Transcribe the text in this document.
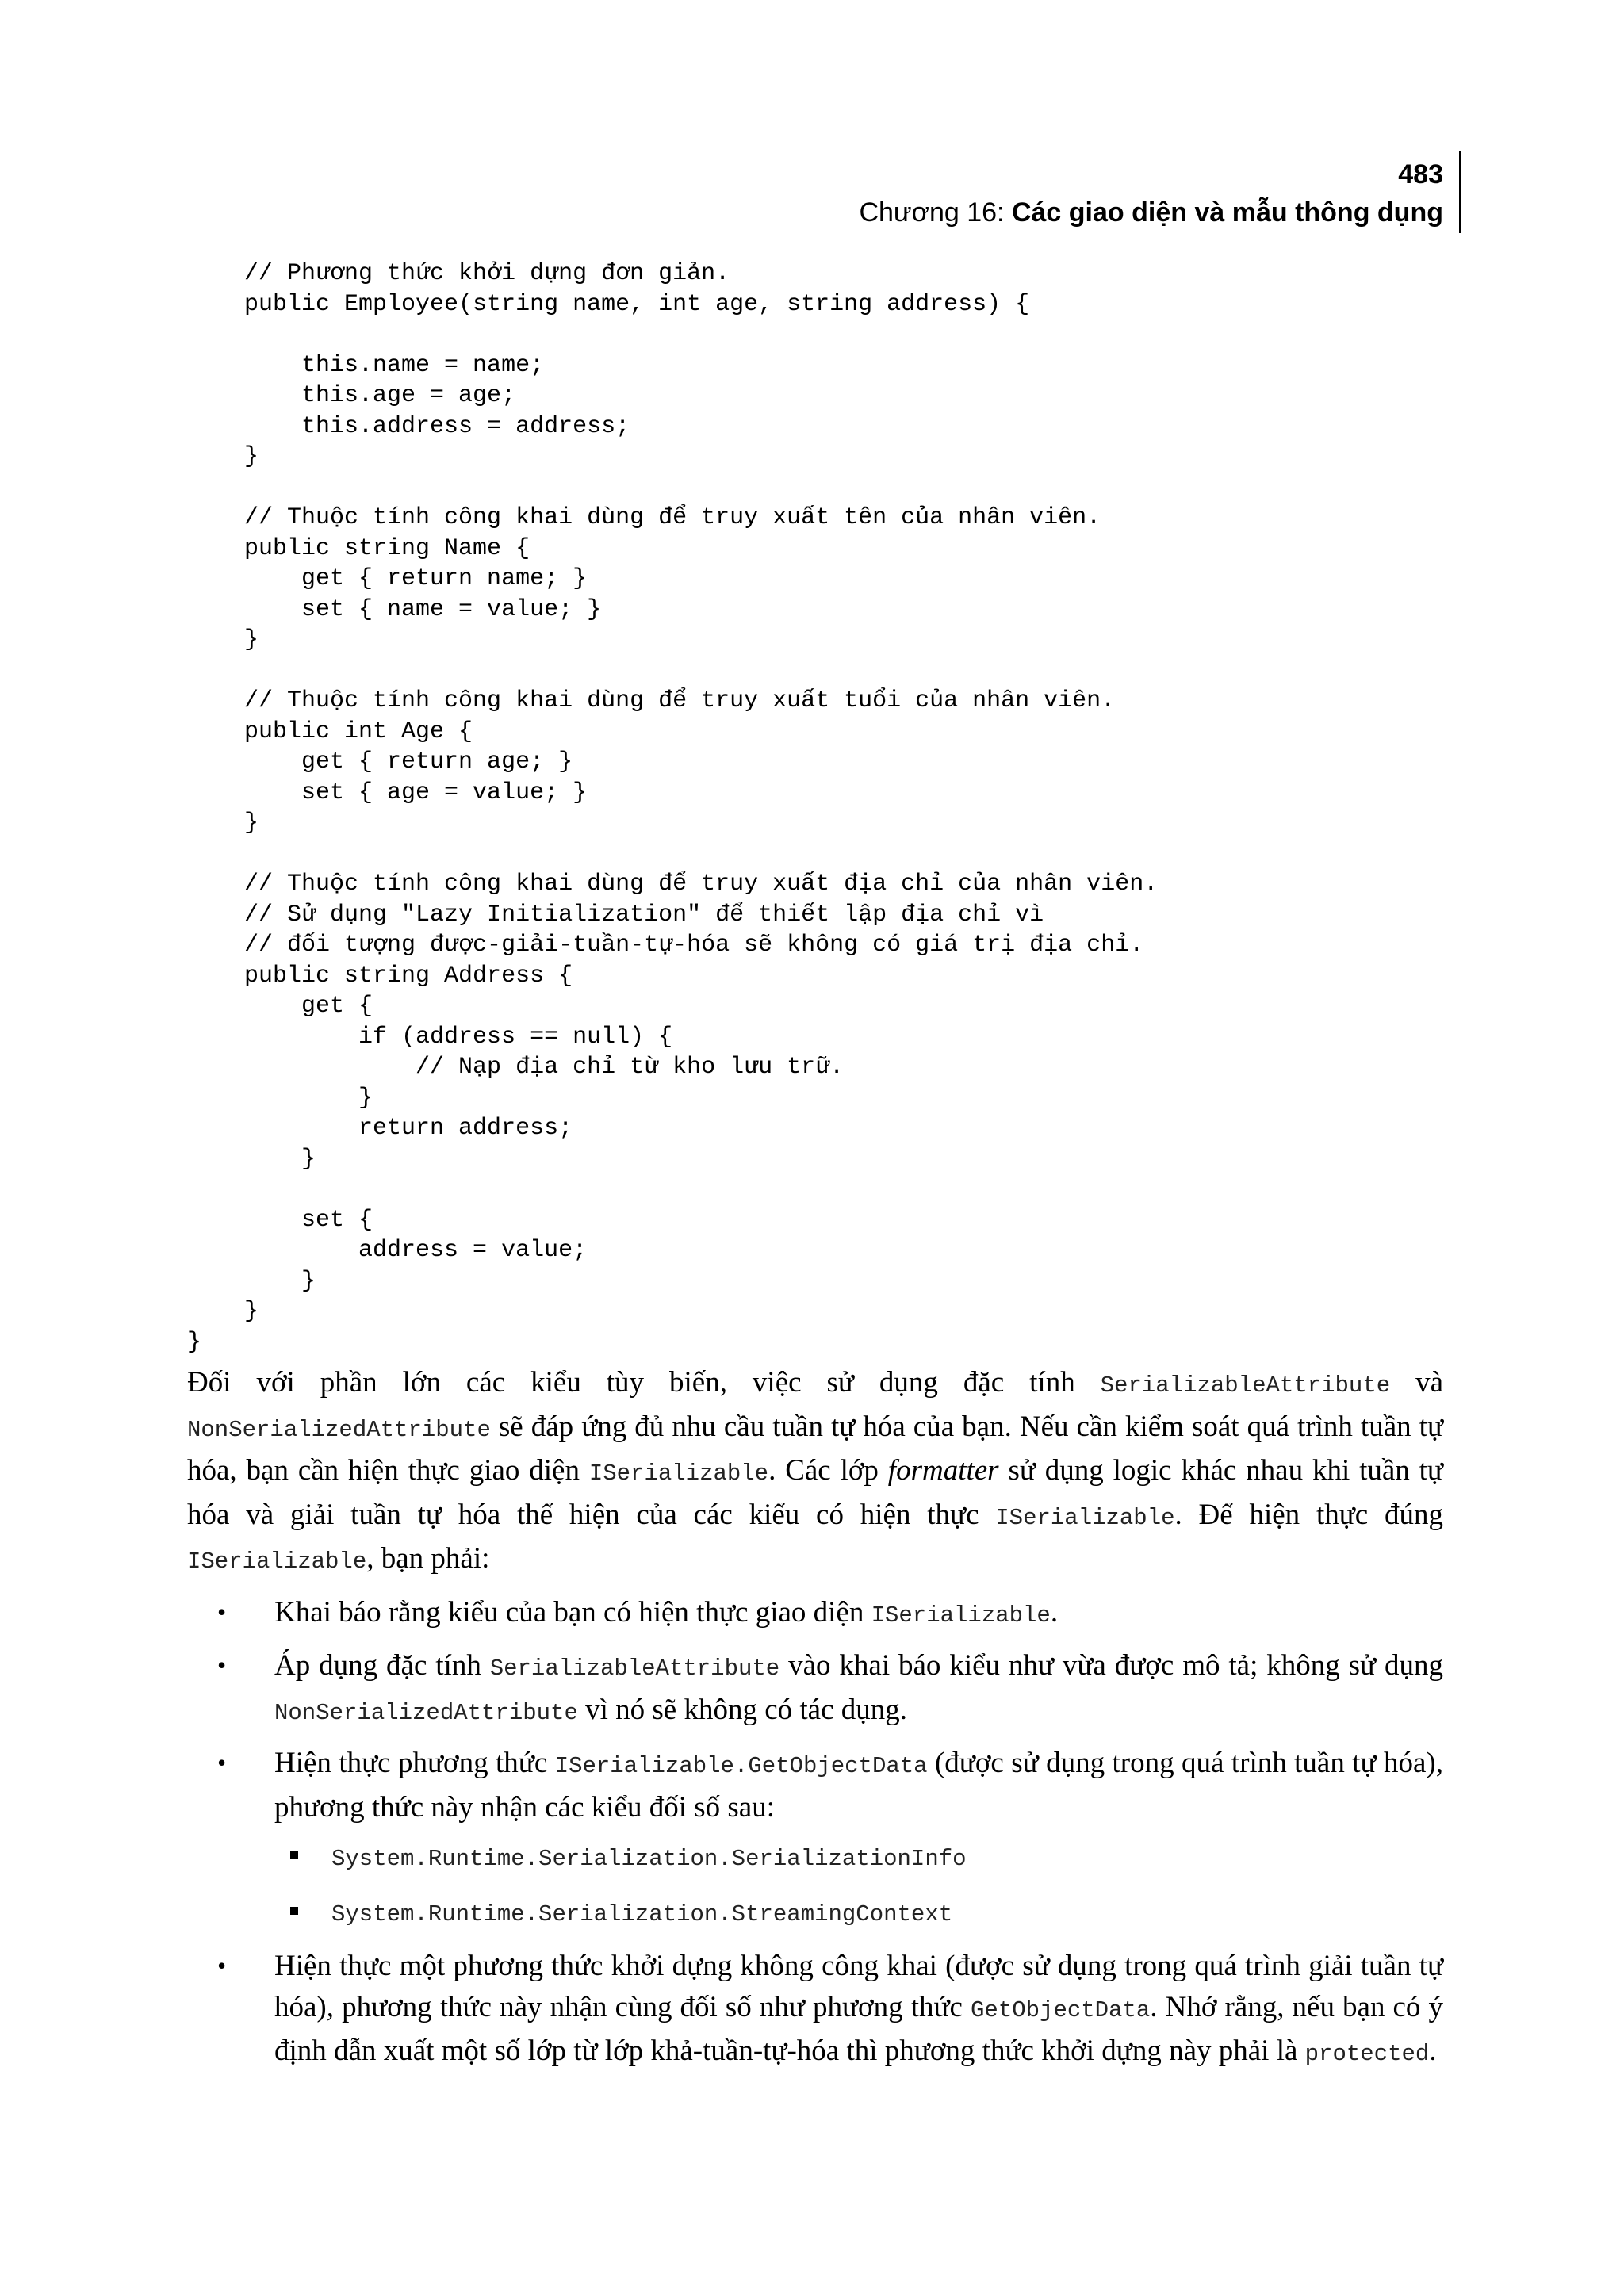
483
Chương 16: Các giao diện và mẫu thông dụng
// Phương thức khởi dựng đơn giản.
public Employee(string name, int age, string address) {

this.name = name;
this.age = age;
this.address = address;
}

// Thuộc tính công khai dùng để truy xuất tên của nhân viên.
public string Name {
get { return name; }
set { name = value; }
}

// Thuộc tính công khai dùng để truy xuất tuổi của nhân viên.
public int Age {
get { return age; }
set { age = value; }
}

// Thuộc tính công khai dùng để truy xuất địa chỉ của nhân viên.
// Sử dụng "Lazy Initialization" để thiết lập địa chỉ vì
// đối tượng được-giải-tuần-tự-hóa sẽ không có giá trị địa chỉ.
public string Address {
get {
if (address == null) {
// Nạp địa chỉ từ kho lưu trữ.
}
return address;
}

set {
address = value;
}
}
}

Đối với phần lớn các kiểu tùy biến, việc sử dụng đặc tính SerializableAttribute và NonSerializedAttribute sẽ đáp ứng đủ nhu cầu tuần tự hóa của bạn. Nếu cần kiểm soát quá trình tuần tự hóa, bạn cần hiện thực giao diện ISerializable. Các lớp formatter sử dụng logic khác nhau khi tuần tự hóa và giải tuần tự hóa thể hiện của các kiểu có hiện thực ISerializable. Để hiện thực đúng ISerializable, bạn phải:

• Khai báo rằng kiểu của bạn có hiện thực giao diện ISerializable.
• Áp dụng đặc tính SerializableAttribute vào khai báo kiểu như vừa được mô tả; không sử dụng NonSerializedAttribute vì nó sẽ không có tác dụng.
• Hiện thực phương thức ISerializable.GetObjectData (được sử dụng trong quá trình tuần tự hóa), phương thức này nhận các kiểu đối số sau:
System.Runtime.Serialization.SerializationInfo
System.Runtime.Serialization.StreamingContext
• Hiện thực một phương thức khởi dựng không công khai (được sử dụng trong quá trình giải tuần tự hóa), phương thức này nhận cùng đối số như phương thức GetObjectData. Nhớ rằng, nếu bạn có ý định dẫn xuất một số lớp từ lớp khả-tuần-tự-hóa thì phương thức khởi dựng này phải là protected.
